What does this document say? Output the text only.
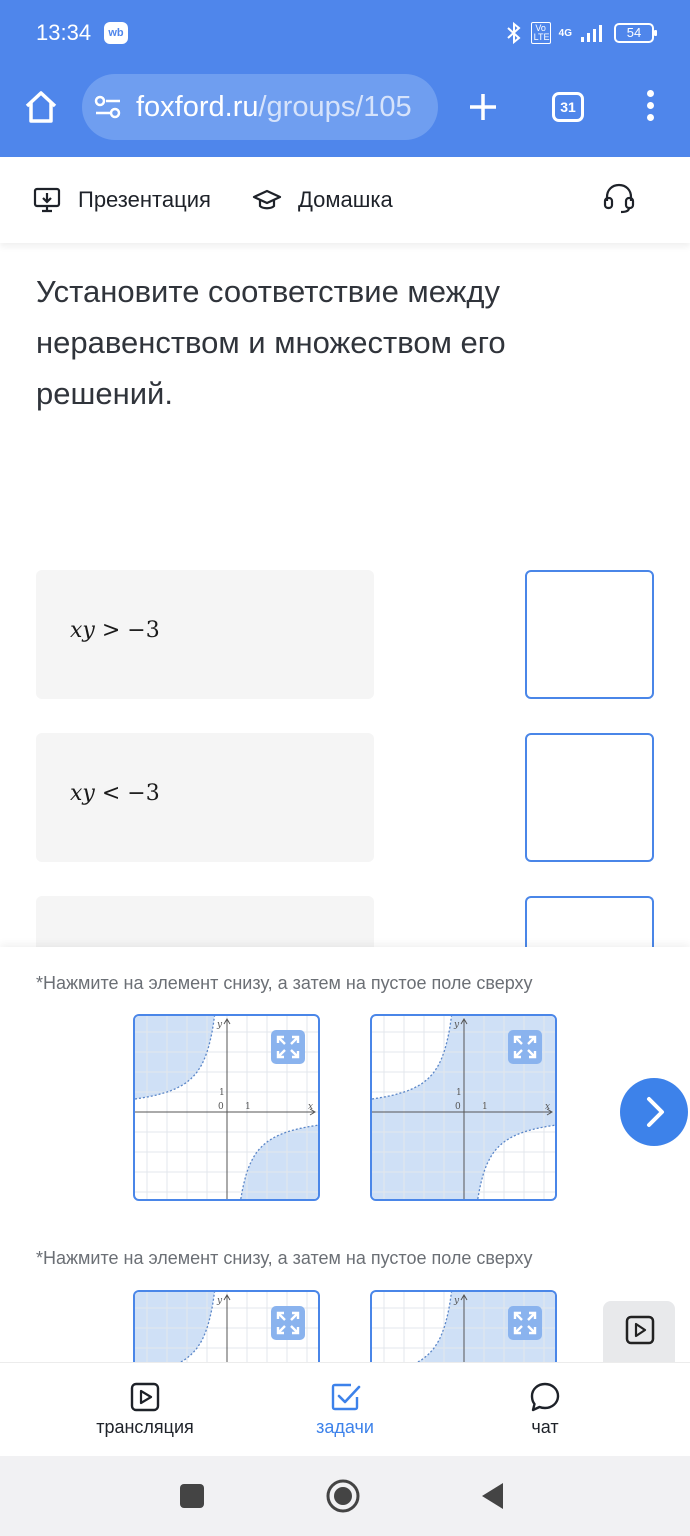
13:34	wb	Vo LTE 4G	54
foxford.ru/groups/105	31
Презентация	Домашка
Установите соответствие между неравенством и множеством его решений.
xy > −3
xy < −3
*Нажмите на элемент снизу, а затем на пустое поле сверху
y
x
0 1
1
y
x
0 1
1
*Нажмите на элемент снизу, а затем на пустое поле сверху
y	y
трансляция	задачи	чат
